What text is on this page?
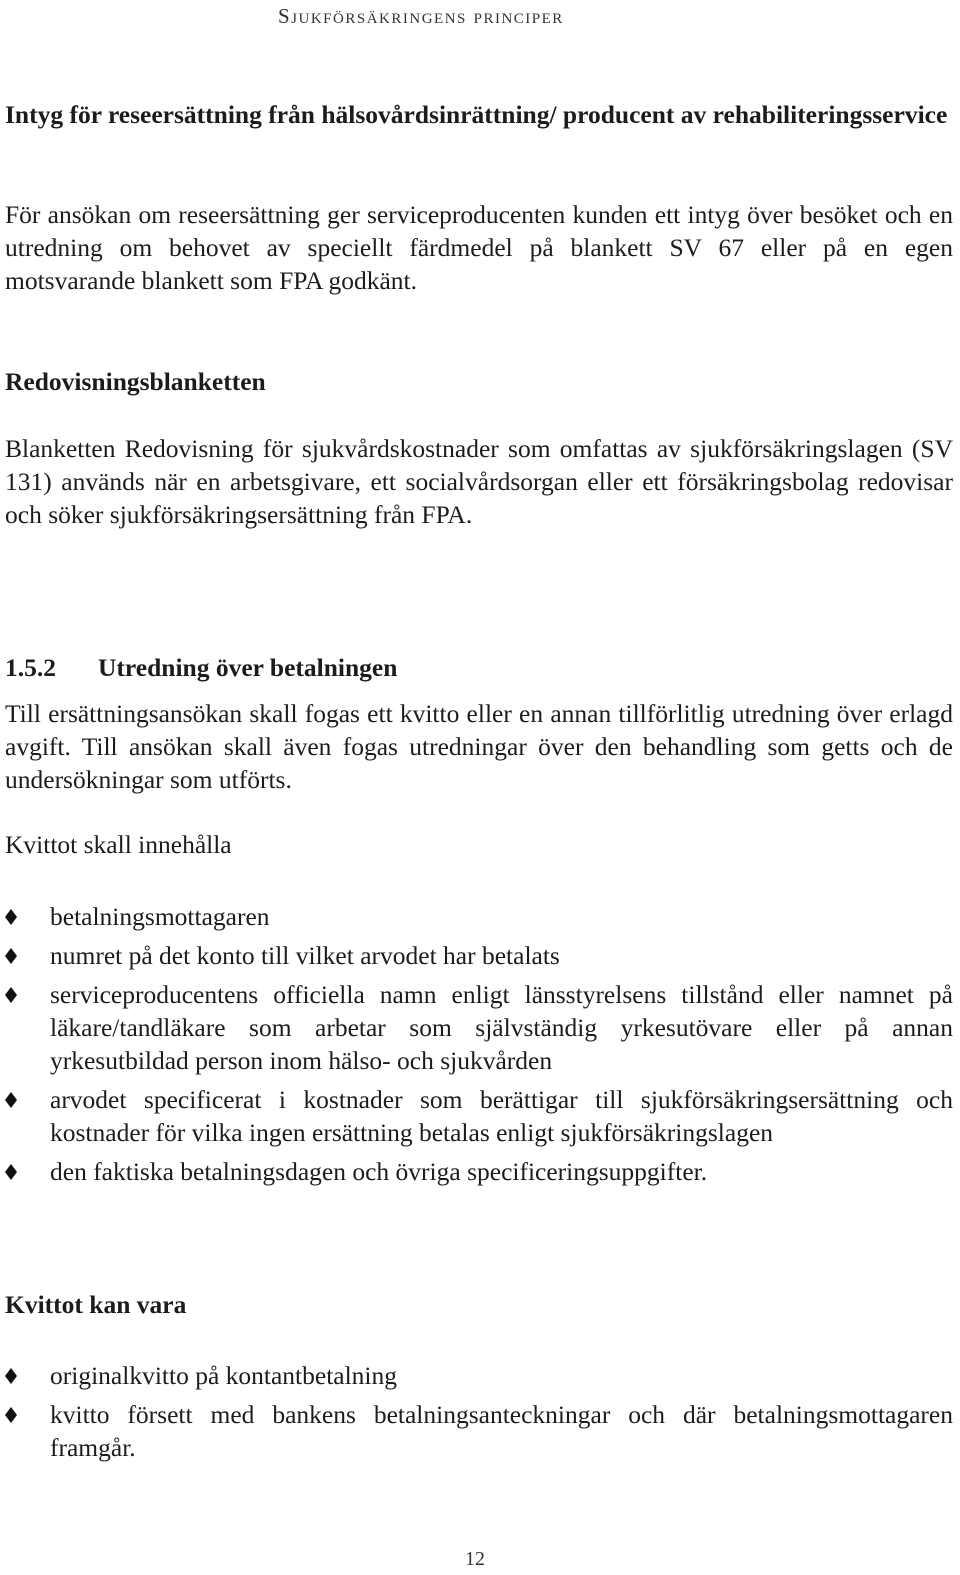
Sjukförsäkringens principer
Intyg för reseersättning från hälsovårdsinrättning/ producent av rehabiliteringsservice

För ansökan om reseersättning ger serviceproducenten kunden ett intyg över besöket och en utredning om behovet av speciellt färdmedel på blankett SV 67 eller på en egen motsvarande blankett som FPA godkänt.

Redovisningsblanketten

Blanketten Redovisning för sjukvårdskostnader som omfattas av sjukförsäkringslagen (SV 131) används när en arbetsgivare, ett socialvårdsorgan eller ett försäkringsbolag redovisar och söker sjukförsäkringsersättning från FPA.

1.5.2 Utredning över betalningen

Till ersättningsansökan skall fogas ett kvitto eller en annan tillförlitlig utredning över erlagd avgift. Till ansökan skall även fogas utredningar över den behandling som getts och de undersökningar som utförts.

Kvittot skall innehålla

betalningsmottagaren
numret på det konto till vilket arvodet har betalats
serviceproducentens officiella namn enligt länsstyrelsens tillstånd eller namnet på läkare/tandläkare som arbetar som självständig yrkesutövare eller på annan yrkesutbildad person inom hälso- och sjukvården
arvodet specificerat i kostnader som berättigar till sjukförsäkringsersättning och kostnader för vilka ingen ersättning betalas enligt sjukförsäkringslagen
den faktiska betalningsdagen och övriga specificeringsuppgifter.
Kvittot kan vara
originalkvitto på kontantbetalning
kvitto försett med bankens betalningsanteckningar och där betalningsmottagaren framgår.
12
